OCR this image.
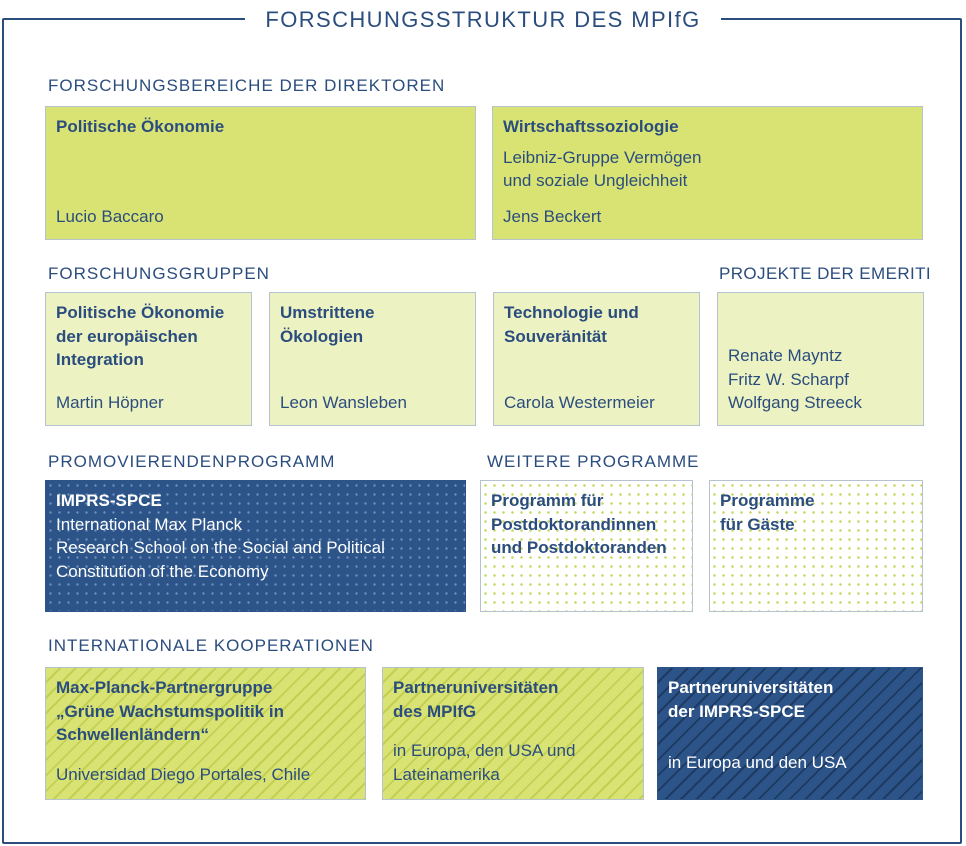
FORSCHUNGSSTRUKTUR DES MPIfG
FORSCHUNGSBEREICHE DER DIREKTOREN
Politische Ökonomie
Lucio Baccaro
Wirtschaftssoziologie
Leibniz-Gruppe Vermögen
und soziale Ungleichheit
Jens Beckert
FORSCHUNGSGRUPPEN	PROJEKTE DER EMERITI
Politische Ökonomie
der europäischen
Integration
Martin Höpner
Umstrittene
Ökologien
Leon Wansleben
Technologie und
Souveränität
Carola Westermeier
Renate Mayntz
Fritz W. Scharpf
Wolfgang Streeck
PROMOVIERENDENPROGRAMM	WEITERE PROGRAMME
IMPRS-SPCE
International Max Planck
Research School on the Social and Political
Constitution of the Economy
Programm für
Postdoktorandinnen
und Postdoktoranden
Programme
für Gäste
INTERNATIONALE KOOPERATIONEN
Max-Planck-Partnergruppe
„Grüne Wachstumspolitik in
Schwellenländern“
Universidad Diego Portales, Chile
Partneruniversitäten
des MPIfG
in Europa, den USA und
Lateinamerika
Partneruniversitäten
der IMPRS-SPCE
in Europa und den USA
